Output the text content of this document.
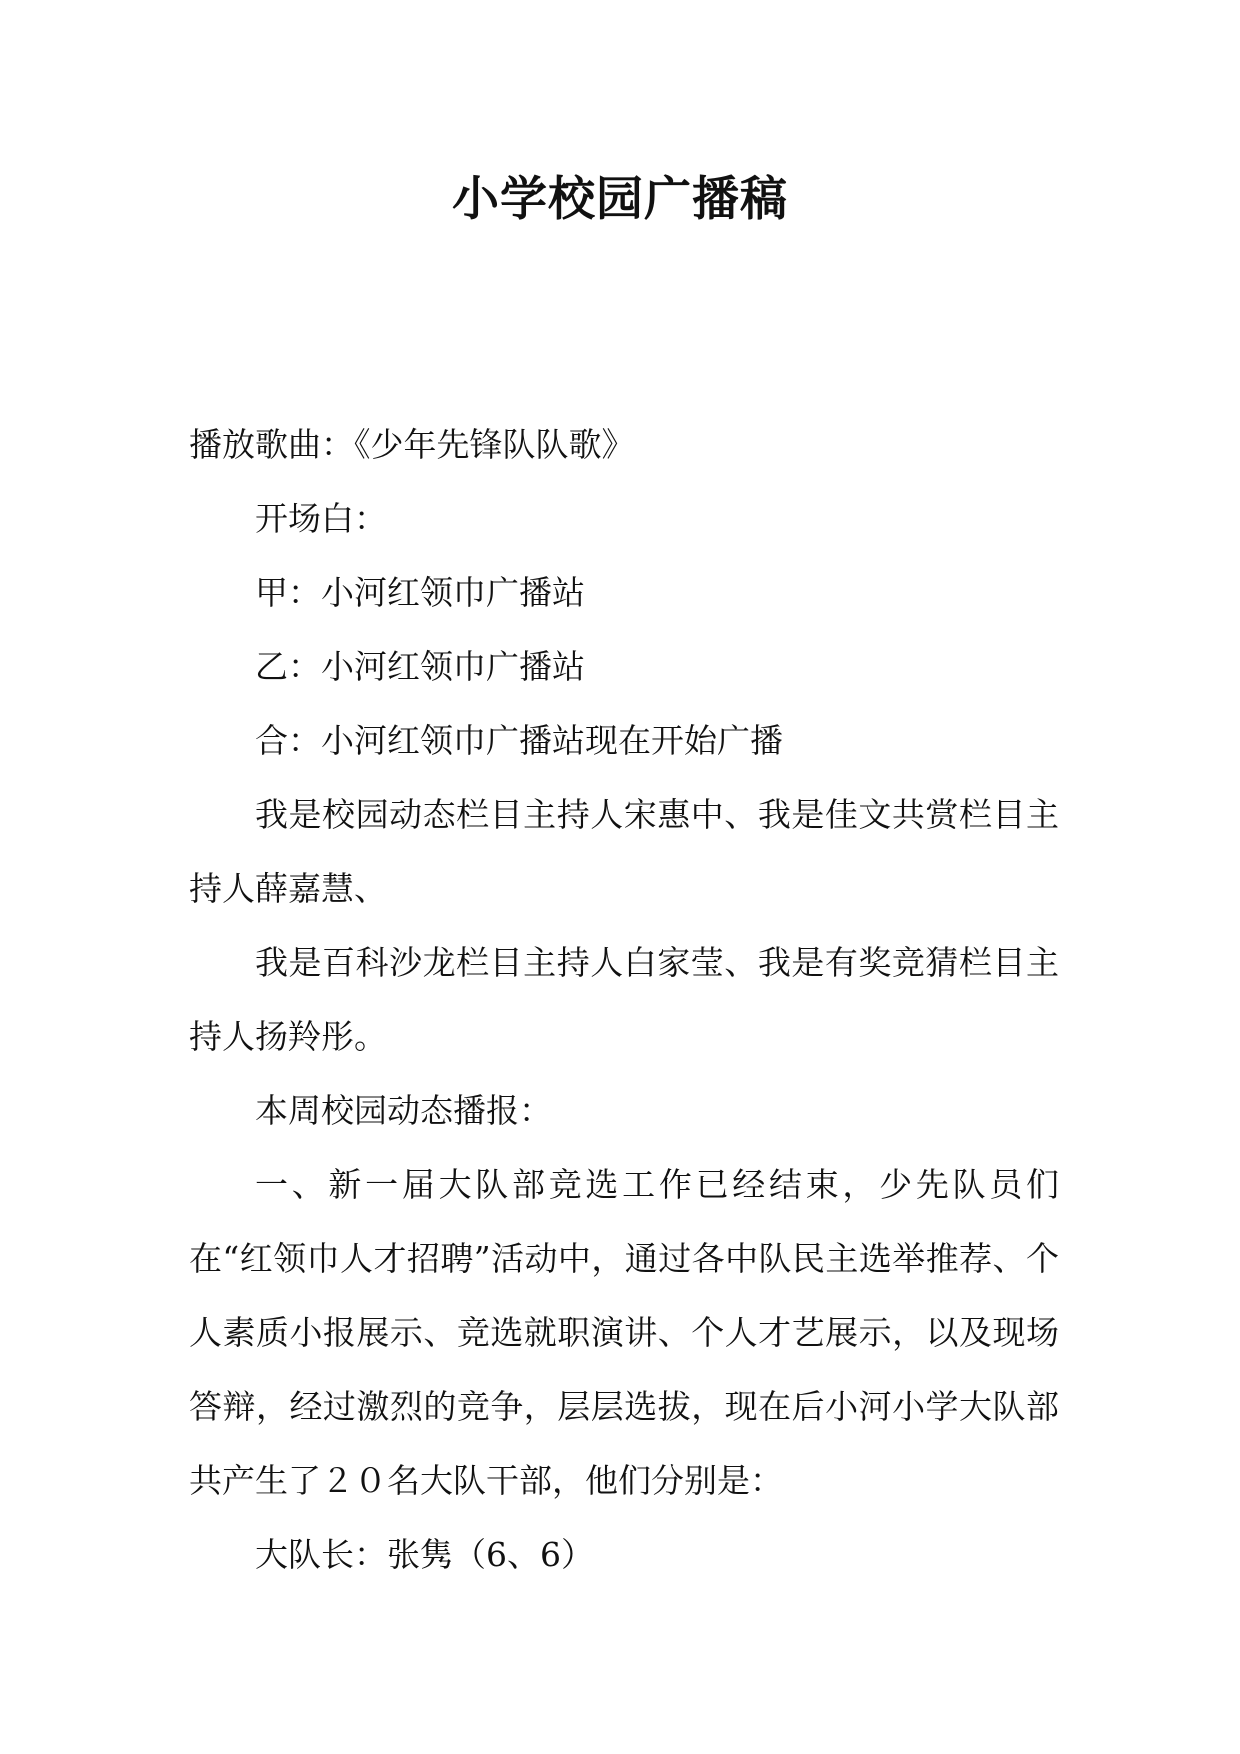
小学校园广播稿

播放歌曲：《少年先锋队队歌》

开场白：

甲：小河红领巾广播站

乙：小河红领巾广播站

合：小河红领巾广播站现在开始广播

我是校园动态栏目主持人宋惠中、我是佳文共赏栏目主持人薛嘉慧、

我是百科沙龙栏目主持人白家莹、我是有奖竞猜栏目主持人扬羚彤。

本周校园动态播报：

一、新一届大队部竞选工作已经结束，少先队员们在“红领巾人才招聘”活动中，通过各中队民主选举推荐、个人素质小报展示、竞选就职演讲、个人才艺展示，以及现场答辩，经过激烈的竞争，层层选拔，现在后小河小学大队部共产生了２０名大队干部，他们分别是：

大队长：张隽（6、6）
